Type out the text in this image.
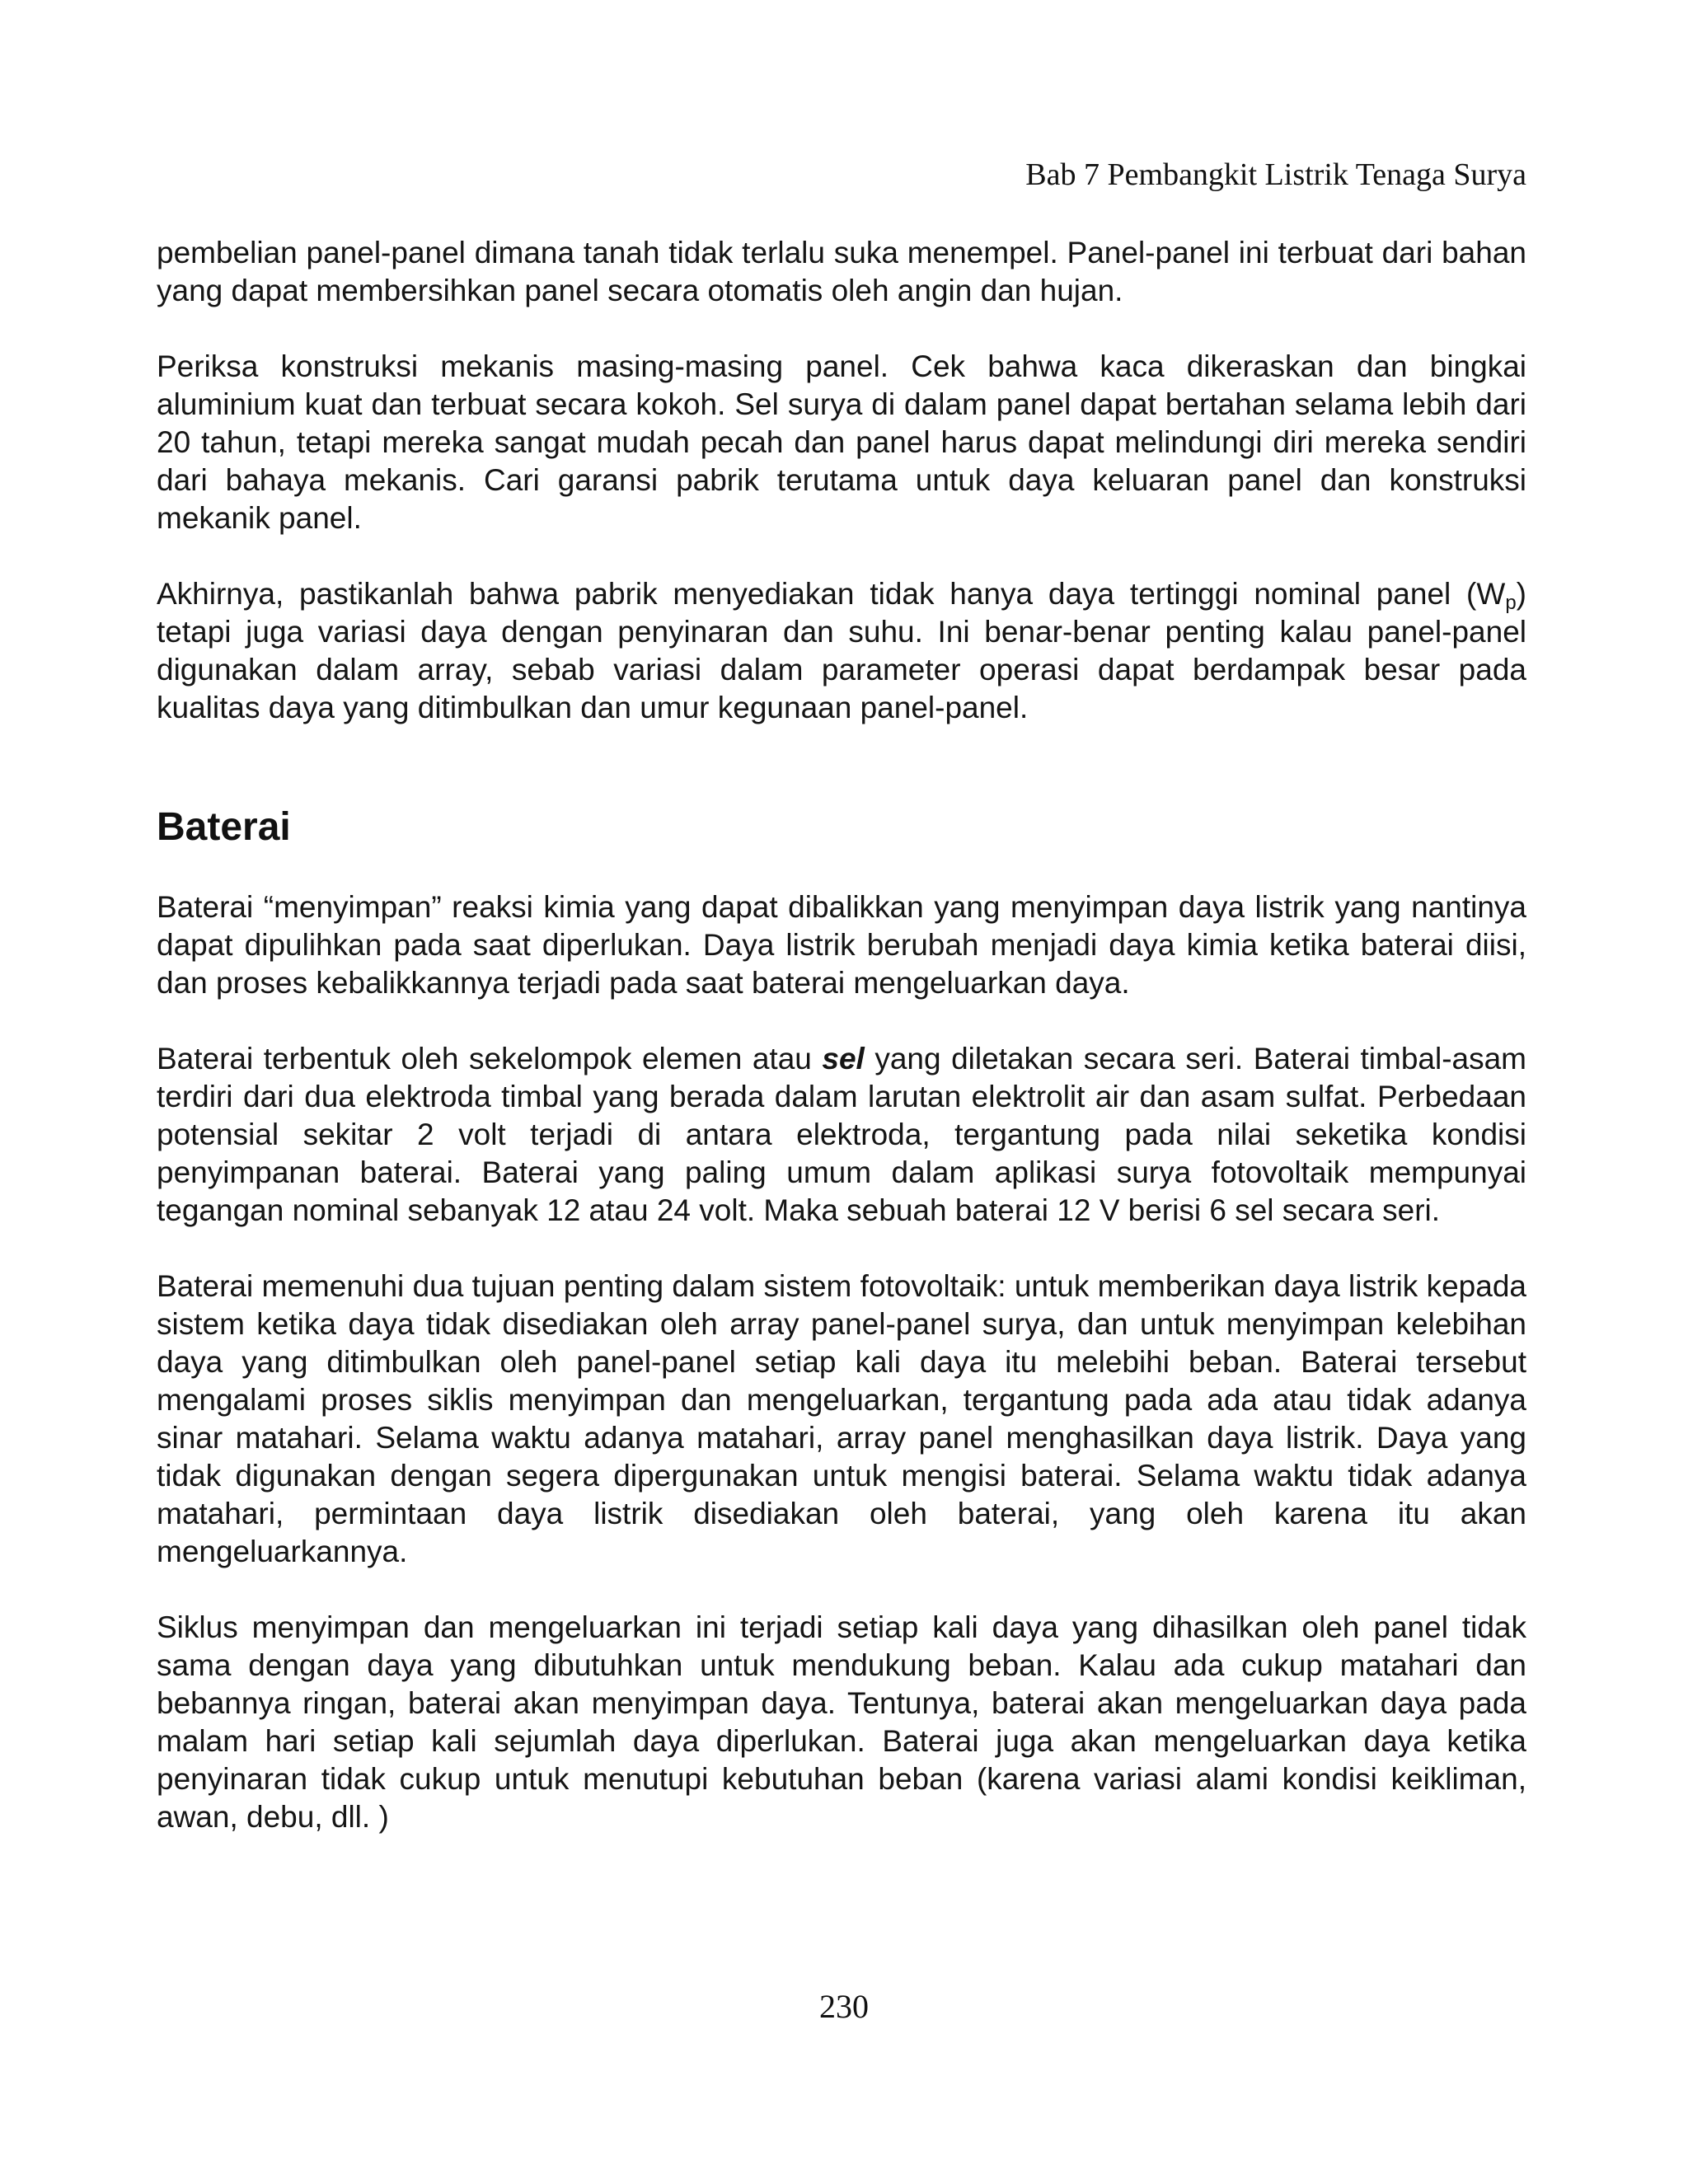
Bab 7 Pembangkit Listrik Tenaga Surya

pembelian panel-panel dimana tanah tidak terlalu suka menempel. Panel-panel ini terbuat dari bahan yang dapat membersihkan panel secara otomatis oleh angin dan hujan.

Periksa konstruksi mekanis masing-masing panel. Cek bahwa kaca dikeraskan dan bingkai aluminium kuat dan terbuat secara kokoh. Sel surya di dalam panel dapat bertahan selama lebih dari 20 tahun, tetapi mereka sangat mudah pecah dan panel harus dapat melindungi diri mereka sendiri dari bahaya mekanis. Cari garansi pabrik terutama untuk daya keluaran panel dan konstruksi mekanik panel.

Akhirnya, pastikanlah bahwa pabrik menyediakan tidak hanya daya tertinggi nominal panel $(W_p)$ tetapi juga variasi daya dengan penyinaran dan suhu. Ini benar-benar penting kalau panel-panel digunakan dalam array, sebab variasi dalam parameter operasi dapat berdampak besar pada kualitas daya yang ditimbulkan dan umur kegunaan panel-panel.

Baterai

Baterai “menyimpan” reaksi kimia yang dapat dibalikkan yang menyimpan daya listrik yang nantinya dapat dipulihkan pada saat diperlukan. Daya listrik berubah menjadi daya kimia ketika baterai diisi, dan proses kebalikkannya terjadi pada saat baterai mengeluarkan daya.

Baterai terbentuk oleh sekelompok elemen atau sel yang diletakan secara seri. Baterai timbal-asam terdiri dari dua elektroda timbal yang berada dalam larutan elektrolit air dan asam sulfat. Perbedaan potensial sekitar 2 volt terjadi di antara elektroda, tergantung pada nilai seketika kondisi penyimpanan baterai. Baterai yang paling umum dalam aplikasi surya fotovoltaik mempunyai tegangan nominal sebanyak 12 atau 24 volt. Maka sebuah baterai 12 V berisi 6 sel secara seri.

Baterai memenuhi dua tujuan penting dalam sistem fotovoltaik: untuk memberikan daya listrik kepada sistem ketika daya tidak disediakan oleh array panel-panel surya, dan untuk menyimpan kelebihan daya yang ditimbulkan oleh panel-panel setiap kali daya itu melebihi beban. Baterai tersebut mengalami proses siklis menyimpan dan mengeluarkan, tergantung pada ada atau tidak adanya sinar matahari. Selama waktu adanya matahari, array panel menghasilkan daya listrik. Daya yang tidak digunakan dengan segera dipergunakan untuk mengisi baterai. Selama waktu tidak adanya matahari, permintaan daya listrik disediakan oleh baterai, yang oleh karena itu akan mengeluarkannya.

Siklus menyimpan dan mengeluarkan ini terjadi setiap kali daya yang dihasilkan oleh panel tidak sama dengan daya yang dibutuhkan untuk mendukung beban. Kalau ada cukup matahari dan bebannya ringan, baterai akan menyimpan daya. Tentunya, baterai akan mengeluarkan daya pada malam hari setiap kali sejumlah daya diperlukan. Baterai juga akan mengeluarkan daya ketika penyinaran tidak cukup untuk menutupi kebutuhan beban (karena variasi alami kondisi keikliman, awan, debu, dll. )

230
